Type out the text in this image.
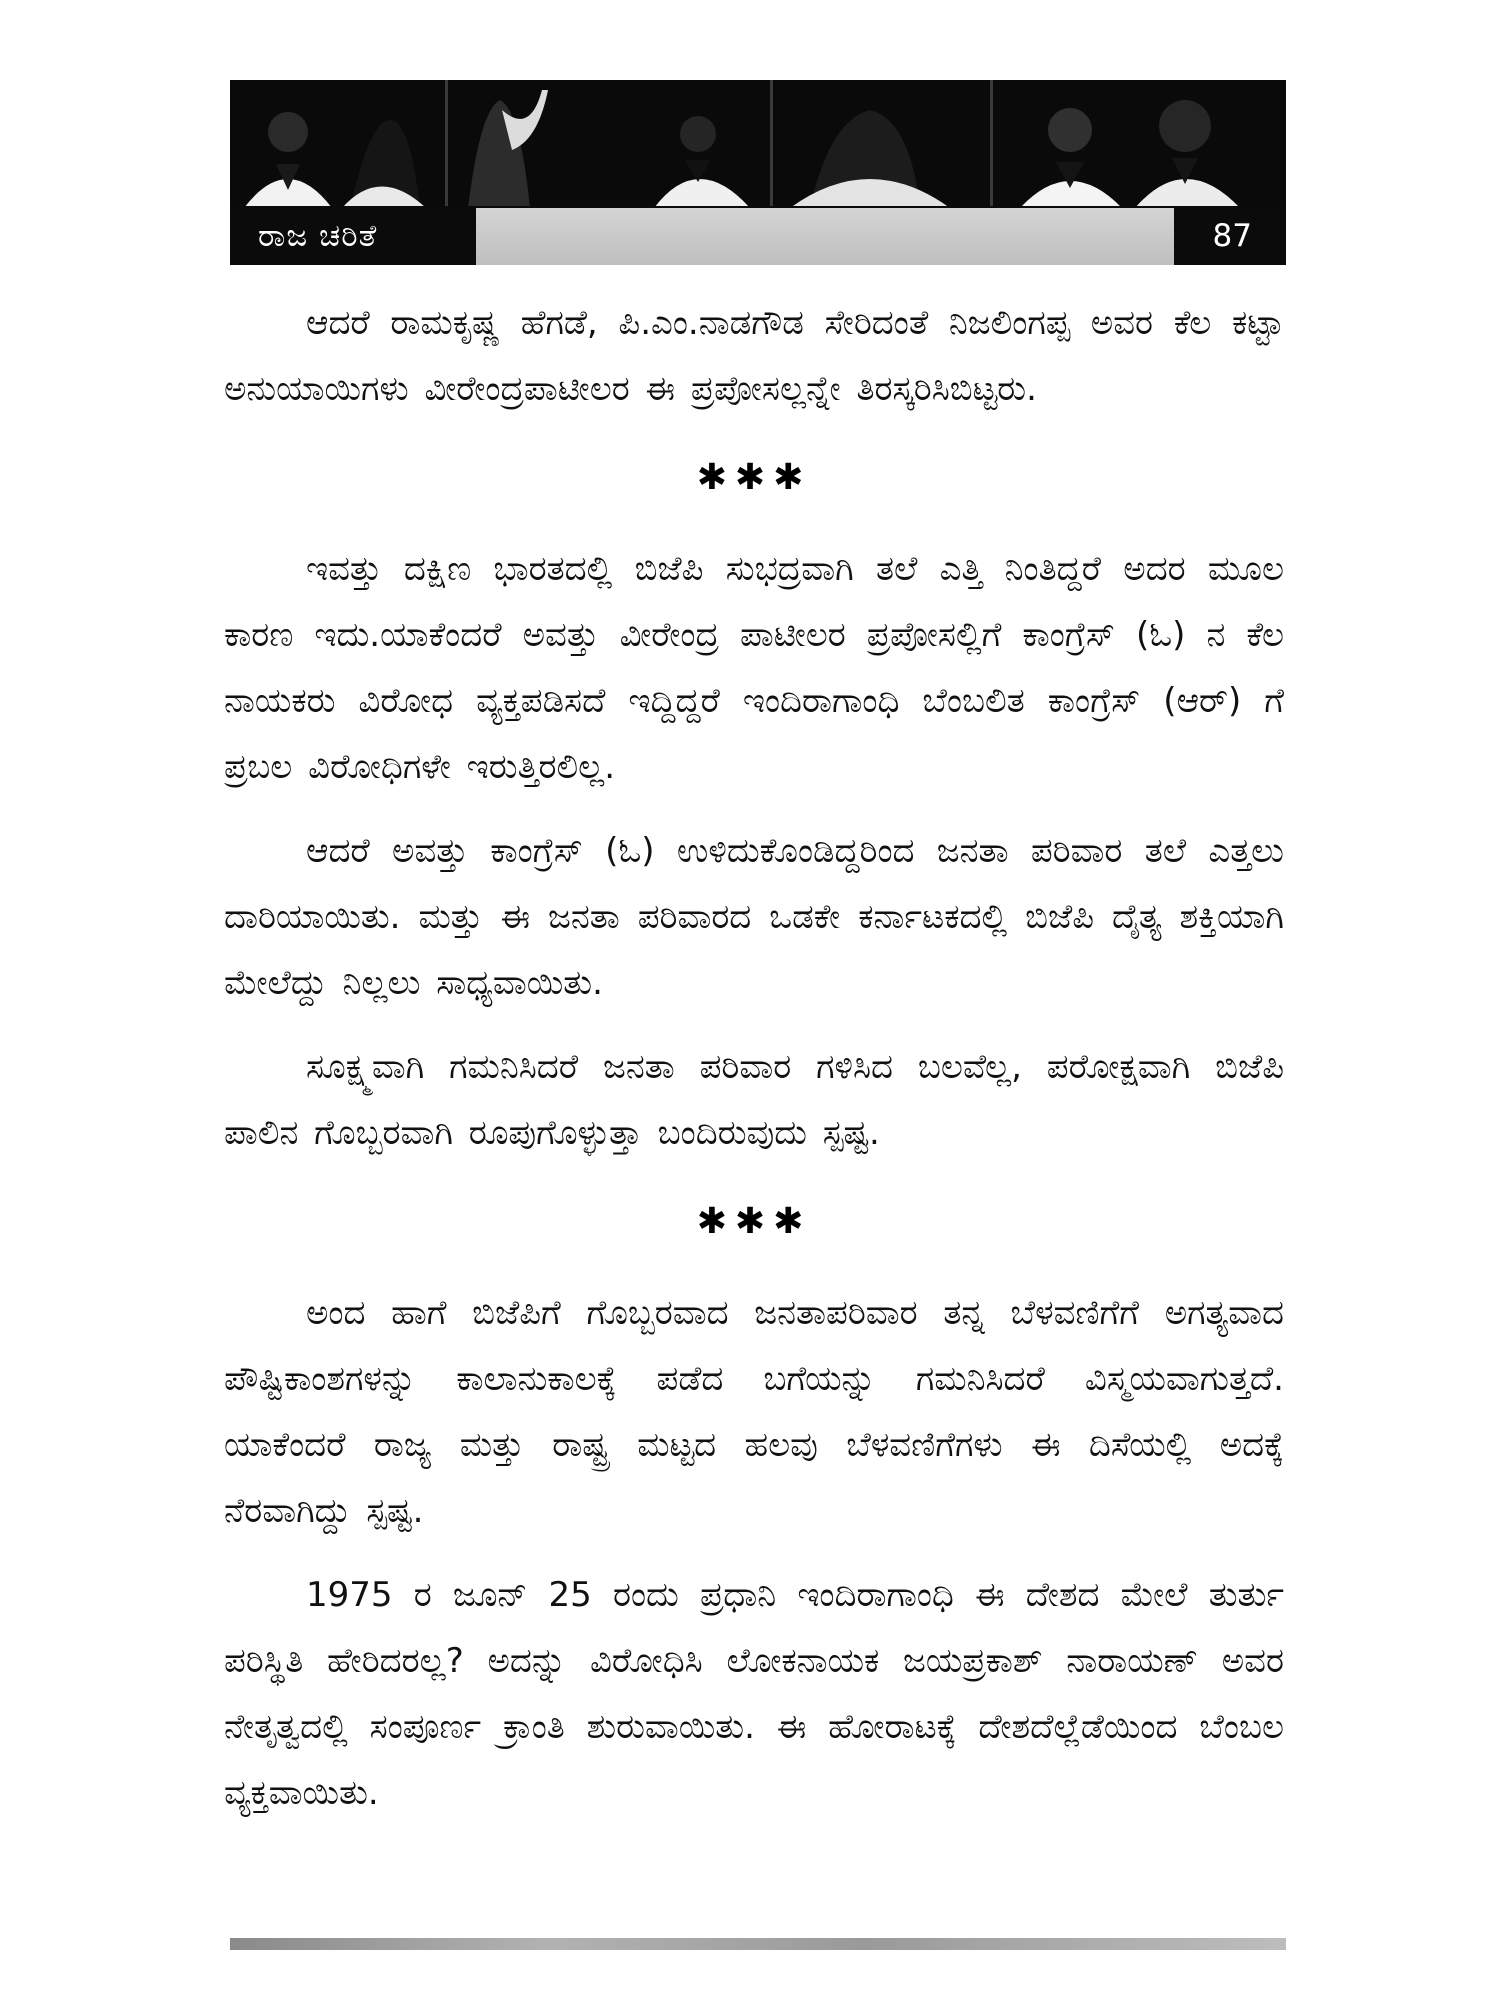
ರಾಜ ಚರಿತೆ	87

ಆದರೆ ರಾಮಕೃಷ್ಣ ಹೆಗಡೆ, ಪಿ.ಎಂ.ನಾಡಗೌಡ ಸೇರಿದಂತೆ ನಿಜಲಿಂಗಪ್ಪ ಅವರ ಕೆಲ ಕಟ್ಟಾ ಅನುಯಾಯಿಗಳು ವೀರೇಂದ್ರಪಾಟೀಲರ ಈ ಪ್ರಪೋಸಲ್ಲನ್ನೇ ತಿರಸ್ಕರಿಸಿಬಿಟ್ಟರು.

✱✱✱

ಇವತ್ತು ದಕ್ಷಿಣ ಭಾರತದಲ್ಲಿ ಬಿಜೆಪಿ ಸುಭದ್ರವಾಗಿ ತಲೆ ಎತ್ತಿ ನಿಂತಿದ್ದರೆ ಅದರ ಮೂಲ ಕಾರಣ ಇದು.ಯಾಕೆಂದರೆ ಅವತ್ತು ವೀರೇಂದ್ರ ಪಾಟೀಲರ ಪ್ರಪೋಸಲ್ಲಿಗೆ ಕಾಂಗ್ರೆಸ್ (ಓ) ನ ಕೆಲ ನಾಯಕರು ವಿರೋಧ ವ್ಯಕ್ತಪಡಿಸದೆ ಇದ್ದಿದ್ದರೆ ಇಂದಿರಾಗಾಂಧಿ ಬೆಂಬಲಿತ ಕಾಂಗ್ರೆಸ್ (ಆರ್) ಗೆ ಪ್ರಬಲ ವಿರೋಧಿಗಳೇ ಇರುತ್ತಿರಲಿಲ್ಲ.

ಆದರೆ ಅವತ್ತು ಕಾಂಗ್ರೆಸ್ (ಓ) ಉಳಿದುಕೊಂಡಿದ್ದರಿಂದ ಜನತಾ ಪರಿವಾರ ತಲೆ ಎತ್ತಲು ದಾರಿಯಾಯಿತು. ಮತ್ತು ಈ ಜನತಾ ಪರಿವಾರದ ಒಡಕೇ ಕರ್ನಾಟಕದಲ್ಲಿ ಬಿಜೆಪಿ ದೈತ್ಯ ಶಕ್ತಿಯಾಗಿ ಮೇಲೆದ್ದು ನಿಲ್ಲಲು ಸಾಧ್ಯವಾಯಿತು.

ಸೂಕ್ಷ್ಮವಾಗಿ ಗಮನಿಸಿದರೆ ಜನತಾ ಪರಿವಾರ ಗಳಿಸಿದ ಬಲವೆಲ್ಲ, ಪರೋಕ್ಷವಾಗಿ ಬಿಜೆಪಿ ಪಾಲಿನ ಗೊಬ್ಬರವಾಗಿ ರೂಪುಗೊಳ್ಳುತ್ತಾ ಬಂದಿರುವುದು ಸ್ಪಷ್ಟ.

✱✱✱

ಅಂದ ಹಾಗೆ ಬಿಜೆಪಿಗೆ ಗೊಬ್ಬರವಾದ ಜನತಾಪರಿವಾರ ತನ್ನ ಬೆಳವಣಿಗೆಗೆ ಅಗತ್ಯವಾದ ಪೌಷ್ಟಿಕಾಂಶಗಳನ್ನು ಕಾಲಾನುಕಾಲಕ್ಕೆ ಪಡೆದ ಬಗೆಯನ್ನು ಗಮನಿಸಿದರೆ ವಿಸ್ಮಯವಾಗುತ್ತದೆ. ಯಾಕೆಂದರೆ ರಾಜ್ಯ ಮತ್ತು ರಾಷ್ಟ್ರ ಮಟ್ಟದ ಹಲವು ಬೆಳವಣಿಗೆಗಳು ಈ ದಿಸೆಯಲ್ಲಿ ಅದಕ್ಕೆ ನೆರವಾಗಿದ್ದು ಸ್ಪಷ್ಟ.

1975 ರ ಜೂನ್ 25 ರಂದು ಪ್ರಧಾನಿ ಇಂದಿರಾಗಾಂಧಿ ಈ ದೇಶದ ಮೇಲೆ ತುರ್ತು ಪರಿಸ್ಥಿತಿ ಹೇರಿದರಲ್ಲ? ಅದನ್ನು ವಿರೋಧಿಸಿ ಲೋಕನಾಯಕ ಜಯಪ್ರಕಾಶ್ ನಾರಾಯಣ್ ಅವರ ನೇತೃತ್ವದಲ್ಲಿ ಸಂಪೂರ್ಣ ಕ್ರಾಂತಿ ಶುರುವಾಯಿತು. ಈ ಹೋರಾಟಕ್ಕೆ ದೇಶದೆಲ್ಲೆಡೆಯಿಂದ ಬೆಂಬಲ ವ್ಯಕ್ತವಾಯಿತು.
